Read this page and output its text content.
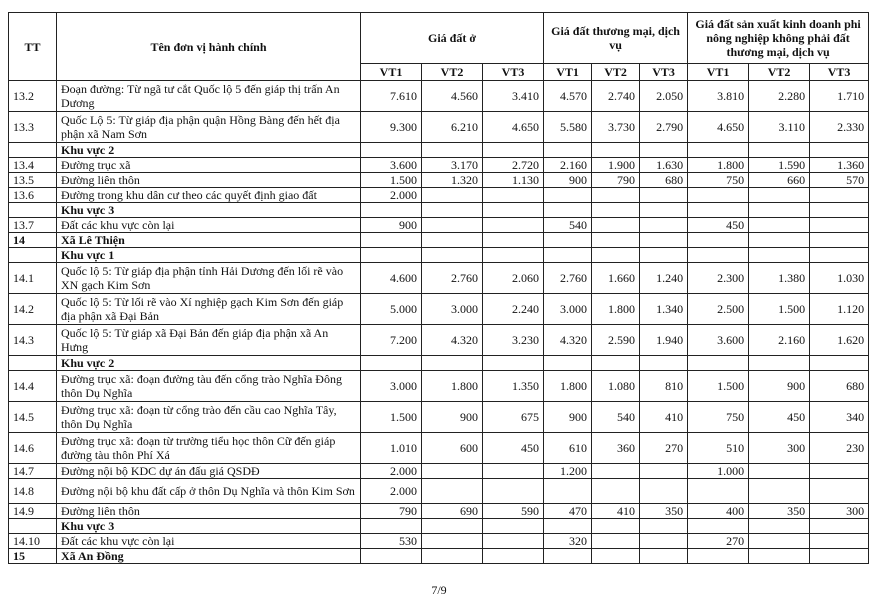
TT	Tên đơn vị hành chính	Giá đất ở			Giá đất thương mại, dịch vụ			Giá đất sản xuất kinh doanh phi nông nghiệp không phải đất thương mại, dịch vụ		
		VT1	VT2	VT3	VT1	VT2	VT3	VT1	VT2	VT3
13.2	Đoạn đường: Từ ngã tư cắt Quốc lộ 5 đến giáp thị trấn An Dương	7.610	4.560	3.410	4.570	2.740	2.050	3.810	2.280	1.710
13.3	Quốc Lộ 5: Từ giáp địa phận quận Hồng Bàng đến hết địa phận xã Nam Sơn	9.300	6.210	4.650	5.580	3.730	2.790	4.650	3.110	2.330
	Khu vực 2									
13.4	Đường trục xã	3.600	3.170	2.720	2.160	1.900	1.630	1.800	1.590	1.360
13.5	Đường liên thôn	1.500	1.320	1.130	900	790	680	750	660	570
13.6	Đường trong khu dân cư theo các quyết định giao đất	2.000								
	Khu vực 3									
13.7	Đất các khu vực còn lại	900			540			450		
14	Xã Lê Thiện									
	Khu vực 1									
14.1	Quốc lộ 5: Từ giáp địa phận tỉnh Hải Dương đến lối rẽ vào XN gạch Kim Sơn	4.600	2.760	2.060	2.760	1.660	1.240	2.300	1.380	1.030
14.2	Quốc lộ 5: Từ lối rẽ vào Xí nghiệp gạch Kim Sơn đến giáp địa phận xã Đại Bản	5.000	3.000	2.240	3.000	1.800	1.340	2.500	1.500	1.120
14.3	Quốc lộ 5: Từ giáp xã Đại Bản đến giáp địa phận xã An Hưng	7.200	4.320	3.230	4.320	2.590	1.940	3.600	2.160	1.620
	Khu vực 2									
14.4	Đường trục xã: đoạn đường tàu đến cổng trào Nghĩa Đông thôn Dụ Nghĩa	3.000	1.800	1.350	1.800	1.080	810	1.500	900	680
14.5	Đường trục xã: đoạn từ cổng trào đến cầu cao Nghĩa Tây, thôn Dụ Nghĩa	1.500	900	675	900	540	410	750	450	340
14.6	Đường trục xã: đoạn từ trường tiểu học thôn Cữ đến giáp đường tàu thôn Phí Xá	1.010	600	450	610	360	270	510	300	230
14.7	Đường nội bộ KDC dự án đấu giá QSDĐ	2.000			1.200			1.000		
14.8	Đường nội bộ khu đất cấp ở thôn Dụ Nghĩa và thôn Kim Sơn	2.000								
14.9	Đường liên thôn	790	690	590	470	410	350	400	350	300
	Khu vực 3									
14.10	Đất các khu vực còn lại	530			320			270		
15	Xã An Đồng									
7/9
